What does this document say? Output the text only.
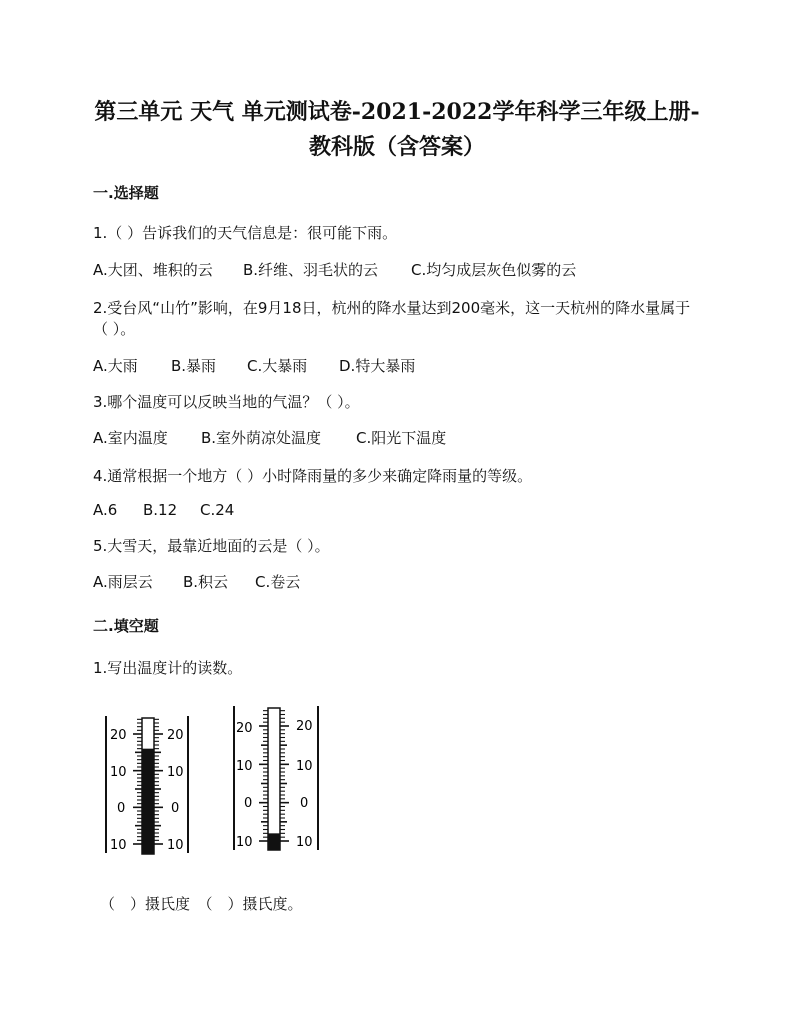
第三单元 天气 单元测试卷-2021-2022学年科学三年级上册-
教科版（含答案）
一.选择题
1.（ ）告诉我们的天气信息是：很可能下雨。
A.大团、堆积的云 B.纤维、羽毛状的云 C.均匀成层灰色似雾的云
2.受台风“山竹”影响，在9月18日，杭州的降水量达到200毫米，这一天杭州的降水量属于
（ ）。
A.大雨 B.暴雨 C.大暴雨 D.特大暴雨
3.哪个温度可以反映当地的气温？（ ）。
A.室内温度 B.室外荫凉处温度 C.阳光下温度
4.通常根据一个地方（ ）小时降雨量的多少来确定降雨量的等级。
A.6 B.12 C.24
5.大雪天，最靠近地面的云是（ ）。
A.雨层云 B.积云 C.卷云
二.填空题
1.写出温度计的读数。
20
10
0
10
20
10
0
10
20
10
0
10
20
10
0
10
（　）摄氏度　（　）摄氏度。
